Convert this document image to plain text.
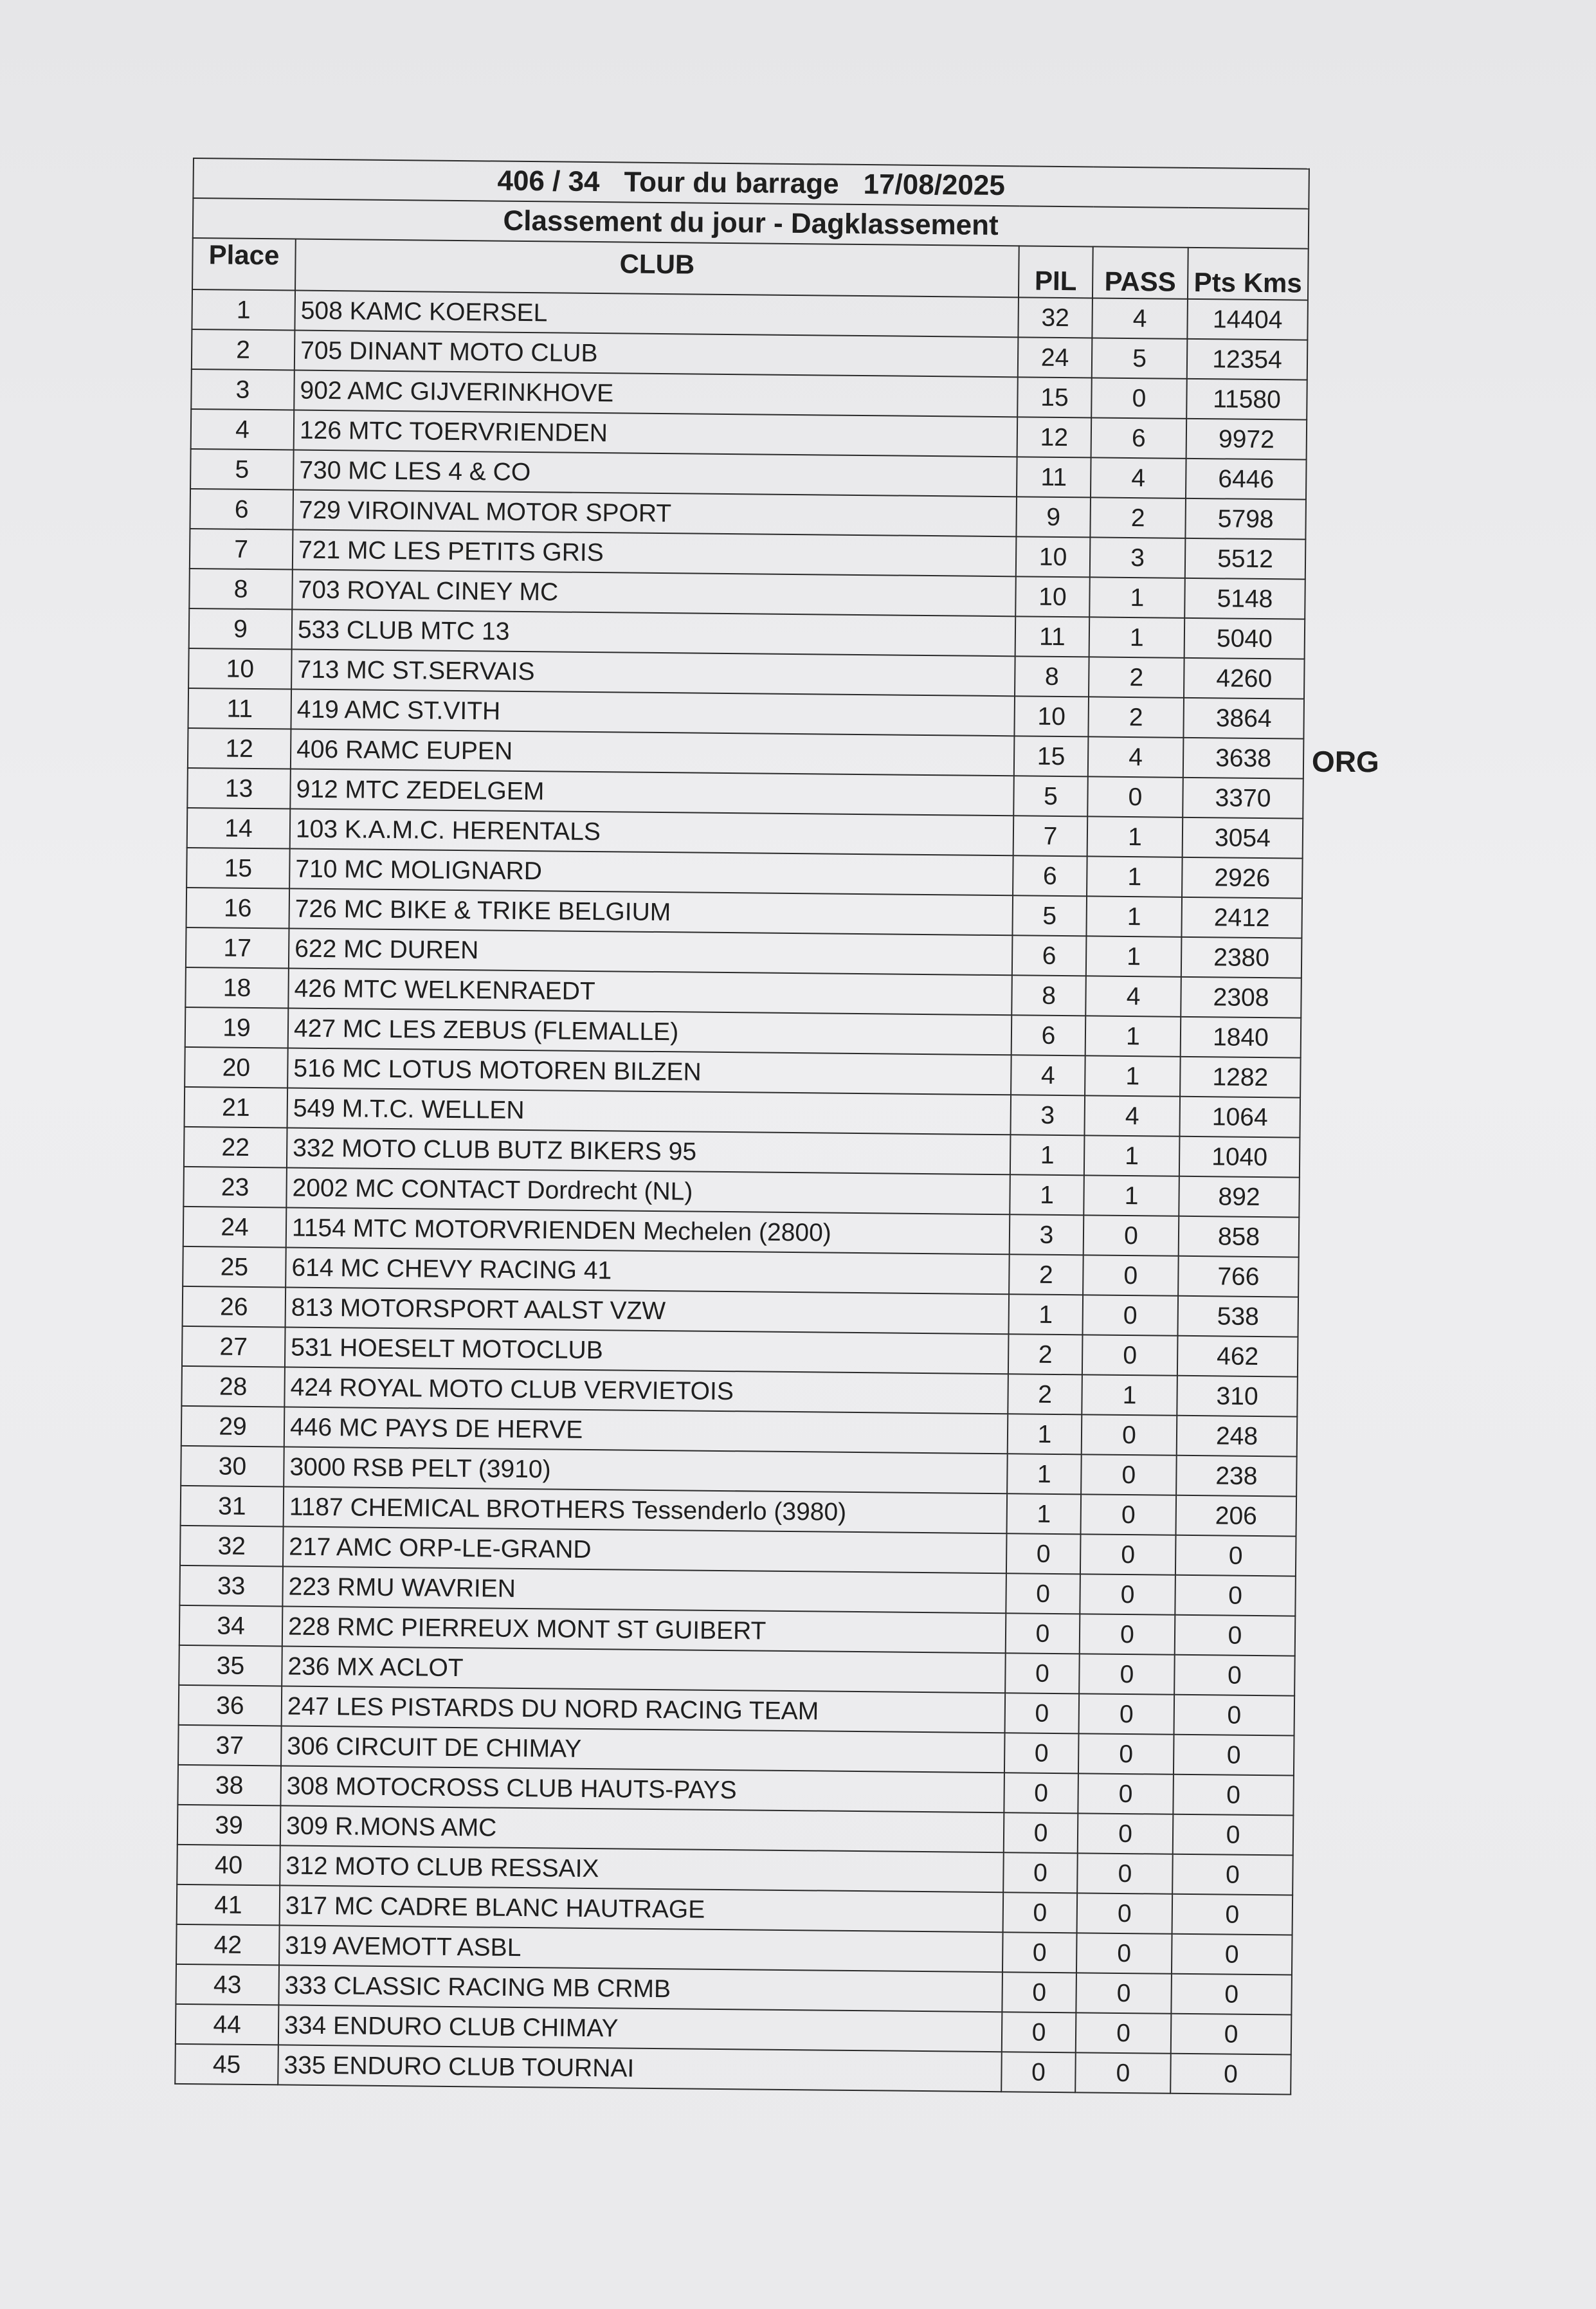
406 / 34 Tour du barrage 17/08/2025				
Classement du jour - Dagklassement				
Place	CLUB	PIL	PASS	Pts Kms
1	508 KAMC KOERSEL	32	4	14404
2	705 DINANT MOTO CLUB	24	5	12354
3	902 AMC GIJVERINKHOVE	15	0	11580
4	126 MTC TOERVRIENDEN	12	6	9972
5	730 MC LES 4 & CO	11	4	6446
6	729 VIROINVAL MOTOR SPORT	9	2	5798
7	721 MC LES PETITS GRIS	10	3	5512
8	703 ROYAL CINEY MC	10	1	5148
9	533 CLUB MTC 13	11	1	5040
10	713 MC ST.SERVAIS	8	2	4260
11	419 AMC ST.VITH	10	2	3864
12	406 RAMC EUPEN	15	4	3638
13	912 MTC ZEDELGEM	5	0	3370
14	103 K.A.M.C. HERENTALS	7	1	3054
15	710 MC MOLIGNARD	6	1	2926
16	726 MC BIKE & TRIKE BELGIUM	5	1	2412
17	622 MC DUREN	6	1	2380
18	426 MTC WELKENRAEDT	8	4	2308
19	427 MC LES ZEBUS (FLEMALLE)	6	1	1840
20	516 MC LOTUS MOTOREN BILZEN	4	1	1282
21	549 M.T.C. WELLEN	3	4	1064
22	332 MOTO CLUB BUTZ BIKERS 95	1	1	1040
23	2002 MC CONTACT Dordrecht (NL)	1	1	892
24	1154 MTC MOTORVRIENDEN Mechelen (2800)	3	0	858
25	614 MC CHEVY RACING 41	2	0	766
26	813 MOTORSPORT AALST VZW	1	0	538
27	531 HOESELT MOTOCLUB	2	0	462
28	424 ROYAL MOTO CLUB VERVIETOIS	2	1	310
29	446 MC PAYS DE HERVE	1	0	248
30	3000 RSB PELT (3910)	1	0	238
31	1187 CHEMICAL BROTHERS Tessenderlo (3980)	1	0	206
32	217 AMC ORP-LE-GRAND	0	0	0
33	223 RMU WAVRIEN	0	0	0
34	228 RMC PIERREUX MONT ST GUIBERT	0	0	0
35	236 MX ACLOT	0	0	0
36	247 LES PISTARDS DU NORD RACING TEAM	0	0	0
37	306 CIRCUIT DE CHIMAY	0	0	0
38	308 MOTOCROSS CLUB HAUTS-PAYS	0	0	0
39	309 R.MONS AMC	0	0	0
40	312 MOTO CLUB RESSAIX	0	0	0
41	317 MC CADRE BLANC HAUTRAGE	0	0	0
42	319 AVEMOTT ASBL	0	0	0
43	333 CLASSIC RACING MB CRMB	0	0	0
44	334 ENDURO CLUB CHIMAY	0	0	0
45	335 ENDURO CLUB TOURNAI	0	0	0
ORG
